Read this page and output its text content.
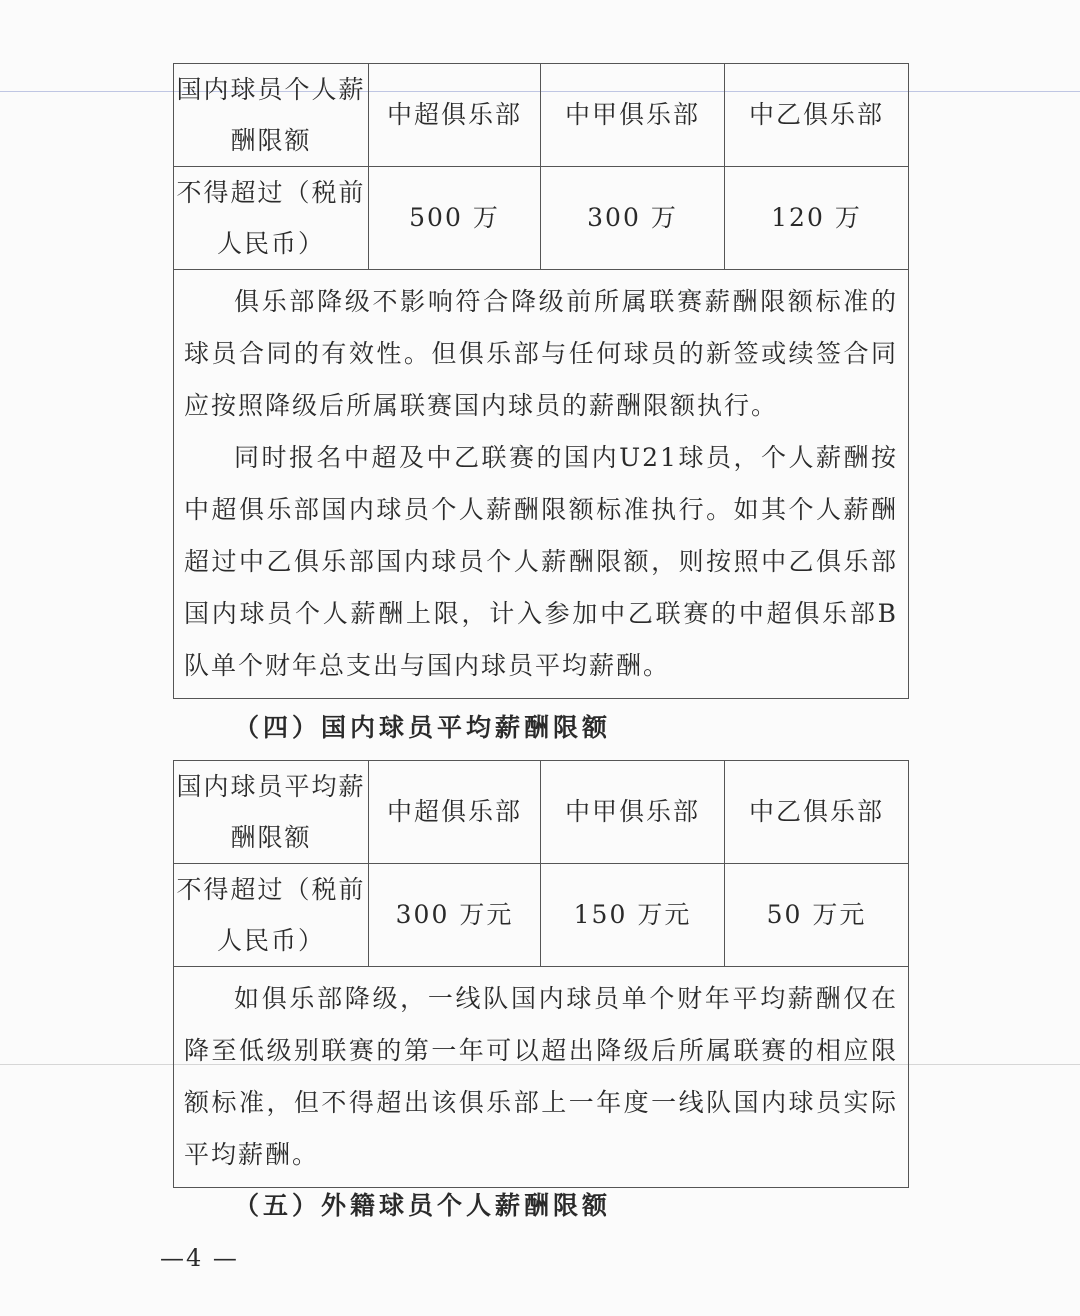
国内球员个人薪酬限额	中超俱乐部	中甲俱乐部	中乙俱乐部
不得超过（税前人民币）	500 万	300 万	120 万

俱乐部降级不影响符合降级前所属联赛薪酬限额标准的球员合同的有效性。但俱乐部与任何球员的新签或续签合同应按照降级后所属联赛国内球员的薪酬限额执行。

同时报名中超及中乙联赛的国内U21球员，个人薪酬按中超俱乐部国内球员个人薪酬限额标准执行。如其个人薪酬超过中乙俱乐部国内球员个人薪酬限额，则按照中乙俱乐部国内球员个人薪酬上限，计入参加中乙联赛的中超俱乐部B队单个财年总支出与国内球员平均薪酬。			

（四）国内球员平均薪酬限额
国内球员平均薪酬限额	中超俱乐部	中甲俱乐部	中乙俱乐部
不得超过（税前人民币）	300 万元	150 万元	50 万元

如俱乐部降级，一线队国内球员单个财年平均薪酬仅在降至低级别联赛的第一年可以超出降级后所属联赛的相应限额标准，但不得超出该俱乐部上一年度一线队国内球员实际平均薪酬。			

（五）外籍球员个人薪酬限额
—4 —
